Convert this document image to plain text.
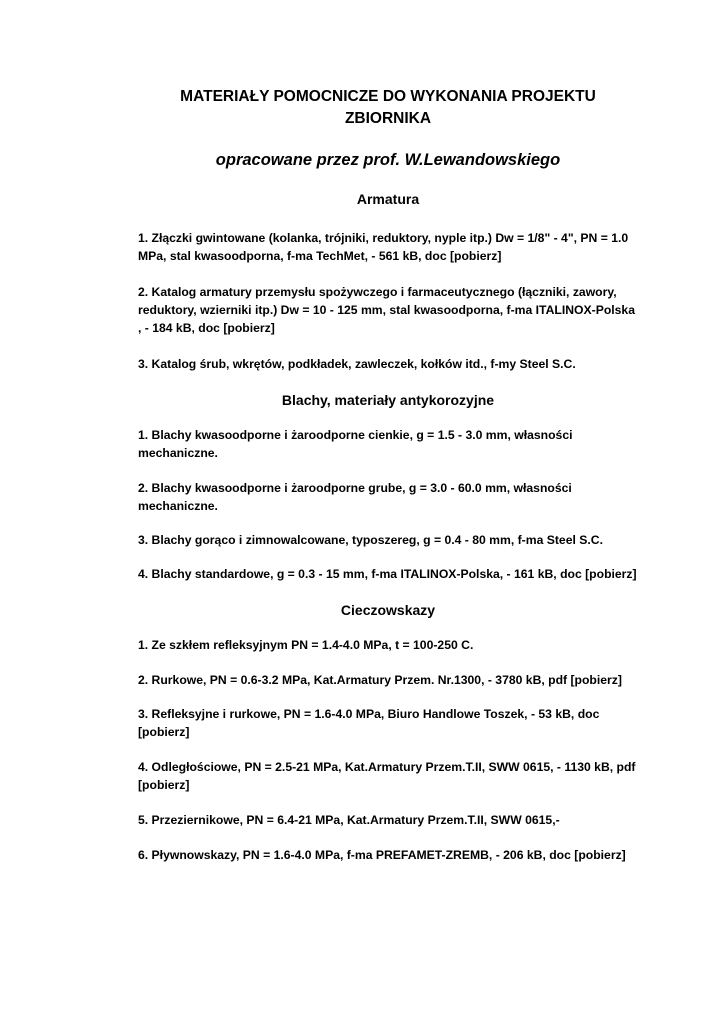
MATERIAŁY POMOCNICZE DO WYKONANIA PROJEKTU
ZBIORNIKA
opracowane przez prof. W.Lewandowskiego
Armatura

1. Złączki gwintowane (kolanka, trójniki, reduktory, nyple itp.) Dw = 1/8" - 4", PN = 1.0 MPa, stal kwasoodporna, f-ma TechMet, - 561 kB, doc [pobierz]

2. Katalog armatury przemysłu spożywczego i farmaceutycznego (łączniki, zawory, reduktory, wzierniki itp.) Dw = 10 - 125 mm, stal kwasoodporna, f-ma ITALINOX-Polska , - 184 kB, doc [pobierz]

3. Katalog śrub, wkrętów, podkładek, zawleczek, kołków itd., f-my Steel S.C.

Blachy, materiały antykorozyjne

1. Blachy kwasoodporne i żaroodporne cienkie, g = 1.5 - 3.0 mm, własności mechaniczne.

2. Blachy kwasoodporne i żaroodporne grube, g = 3.0 - 60.0 mm, własności mechaniczne.

3. Blachy gorąco i zimnowalcowane, typoszereg, g = 0.4 - 80 mm, f-ma Steel S.C.

4. Blachy standardowe, g = 0.3 - 15 mm, f-ma ITALINOX-Polska, - 161 kB, doc [pobierz]

Cieczowskazy

1. Ze szkłem refleksyjnym PN = 1.4-4.0 MPa, t = 100-250 C.

2. Rurkowe, PN = 0.6-3.2 MPa, Kat.Armatury Przem. Nr.1300, - 3780 kB, pdf [pobierz]

3. Refleksyjne i rurkowe, PN = 1.6-4.0 MPa, Biuro Handlowe Toszek, - 53 kB, doc [pobierz]

4. Odległościowe, PN = 2.5-21 MPa, Kat.Armatury Przem.T.II, SWW 0615, - 1130 kB, pdf [pobierz]

5. Przeziernikowe, PN = 6.4-21 MPa, Kat.Armatury Przem.T.II, SWW 0615,-

6. Pływnowskazy, PN = 1.6-4.0 MPa, f-ma PREFAMET-ZREMB, - 206 kB, doc [pobierz]
